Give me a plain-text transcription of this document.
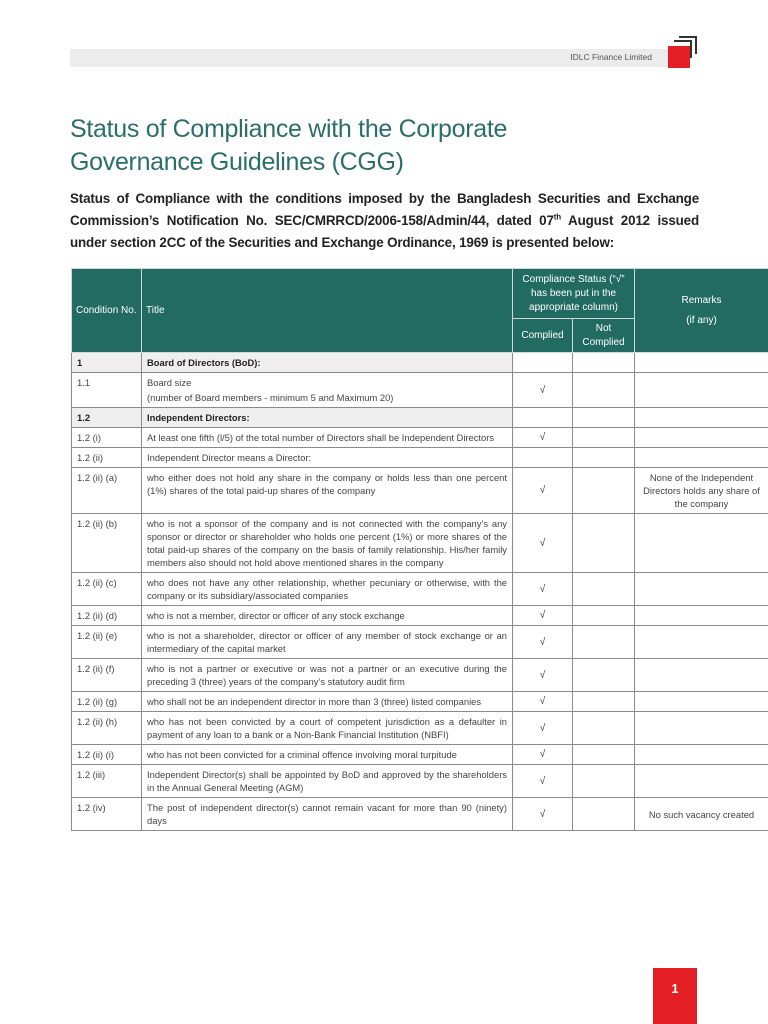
IDLC Finance Limited
Status of Compliance with the Corporate
Governance Guidelines (CGG)
Status of Compliance with the conditions imposed by the Bangladesh Securities and Exchange Commission’s Notification No. SEC/CMRRCD/2006-158/Admin/44, dated 07th August 2012 issued under section 2CC of the Securities and Exchange Ordinance, 1969 is presented below:
Condition No.	Title	Compliance Status (“√” has been put in the appropriate column)		Remarks
(if any)

		Complied	Not Complied	
1	Board of Directors (BoD):			

1.1	Board size
(number of Board members - minimum 5 and Maximum 20)	√		
1.2	Independent Directors:			

1.2 (i)	At least one fifth (l/5) of the total number of Directors shall be Independent Directors	√		
1.2 (ii)	Independent Director means a Director:			

1.2 (ii) (a)	who either does not hold any share in the company or holds less than one percent (1%) shares of the total paid-up shares of the company	√		None of the Independent Directors holds any share of the company
1.2 (ii) (b)	who is not a sponsor of the company and is not connected with the company’s any sponsor or director or shareholder who holds one percent (1%) or more shares of the total paid-up shares of the company on the basis of family relationship. His/her family members also should not hold above mentioned shares in the company	√		
1.2 (ii) (c)	who does not have any other relationship, whether pecuniary or otherwise, with the company or its subsidiary/associated companies	√		
1.2 (ii) (d)	who is not a member, director or officer of any stock exchange	√		
1.2 (ii) (e)	who is not a shareholder, director or officer of any member of stock exchange or an intermediary of the capital market	√		
1.2 (ii) (f)	who is not a partner or executive or was not a partner or an executive during the preceding 3 (three) years of the company’s statutory audit firm	√		
1.2 (ii) (g)	who shall not be an independent director in more than 3 (three) listed companies	√		
1.2 (ii) (h)	who has not been convicted by a court of competent jurisdiction as a defaulter in payment of any loan to a bank or a Non-Bank Financial Institution (NBFI)	√		
1.2 (ii) (i)	who has not been convicted for a criminal offence involving moral turpitude	√		
1.2 (iii)	Independent Director(s) shall be appointed by BoD and approved by the shareholders in the Annual General Meeting (AGM)	√		
1.2 (iv)	The post of independent director(s) cannot remain vacant for more than 90 (ninety) days	√		No such vacancy created
1
